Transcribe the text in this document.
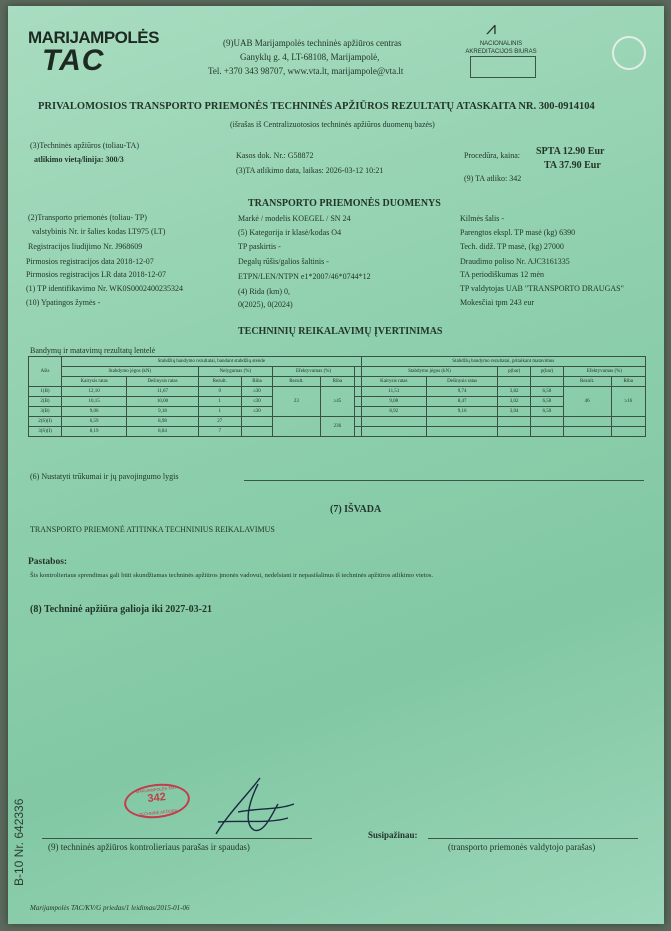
MARIJAMPOLĖS
TAC
(9)UAB Marijampolės techninės apžiūros centras
Ganyklų g. 4, LT-68108, Marijampolė,
Tel. +370 343 98707, www.vta.lt, marijampole@vta.lt
⩘
NACIONALINIS
AKREDITACIJOS BIURAS
PRIVALOMOSIOS TRANSPORTO PRIEMONĖS TECHNINĖS APŽIŪROS REZULTATŲ ATASKAITA NR. 300-0914104
(išrašas iš Centralizuotosios techninės apžiūros duomenų bazės)
(3)Techninės apžiūros (toliau-TA)
atlikimo vietą/linija: 300/3	Kasos dok. Nr.: G58872
(3)TA atlikimo data, laikas: 2026-03-12 10:21
Procedūra, kaina: SPTA 12.90 Eur
TA 37.90 Eur
(9) TA atliko: 342
TRANSPORTO PRIEMONĖS DUOMENYS
(2)Transporto priemonės (toliau- TP)
valstybinis Nr. ir šalies kodas LT975 (LT)
Registracijos liudijimo Nr. J968609
Pirmosios registracijos data 2018-12-07
Pirmosios registracijos LR data 2018-12-07
(1) TP identifikavimo Nr. WK0S0002400235324
(10) Ypatingos žymės -
Markė / modelis KOEGEL / SN 24
(5) Kategorija ir klasė/kodas O4
TP paskirtis -
Degalų rūšis/galios šaltinis -
ETPN/LEN/NTPN e1*2007/46*0744*12
(4) Rida (km) 0,
0(2025), 0(2024)
Kilmės šalis -
Parengtos ekspl. TP masė (kg) 6390
Tech. didž. TP masė, (kg) 27000
Draudimo poliso Nr. AJC3161335
TA periodiškumas 12 mėn
TP valdytojas UAB "TRANSPORTO DRAUGAS"
Mokesčiai tpm 243 eur
TECHNINIŲ REIKALAVIMŲ ĮVERTINIMAS
Bandymų ir matavimų rezultatų lentelė
Ašis	Stabdžių bandymo rezultatai, bandant stabdžių stende							Stabdžių bandymo rezultatai, pritaikant matavimus					
	Stabdymo jėgos (kN)		Nelygumas (%)		Efektyvumas (%)			Stabdymo jėgos (kN)		p(bar)	p(bar)	Efektyvumas (%)	
	Kairysis ratas	Dešinysis ratas	Rezult.	Riba	Rezult.	Riba		Kairysis ratas	Dešinysis ratas			Rezult.	Riba
1(B)	12,10	11,67	9	≤30	23	≥45		11,51	9,74	3,82	6,50	46	≥16
2(B)	10,15	10,00	1	≤30				9,08	8,47	3,02	6,50		
3(B)	9,06	9,18	1	≤30				8,92	9,16	3,04	6,50		
2(S)(I)	6,59	8,98	27			236							
3(S)(I)	8,19	8,84	7										
(6) Nustatyti trūkumai ir jų pavojingumo lygis
(7) IŠVADA
TRANSPORTO PRIEMONĖ ATITINKA TECHNINIUS REIKALAVIMUS
Pastabos:
Šis kontrolieriaus sprendimas gali būti skundžiamas techninės apžiūros įmonės vadovui, nedelsiant ir nepasišalinus iš techninės apžiūros atlikimo vietos.
(8) Techninė apžiūra galioja iki 2027-03-21
MARIJAMPOLĖS TAC
342
TECHNINĖ APŽIŪRA
(9) techninės apžiūros kontrolieriaus parašas ir spaudas)
Susipažinau:
(transporto priemonės valdytojo parašas)
B-10 Nr. 642336
Marijampolės TAC/KV/G priedas/1 leidimas/2015-01-06
